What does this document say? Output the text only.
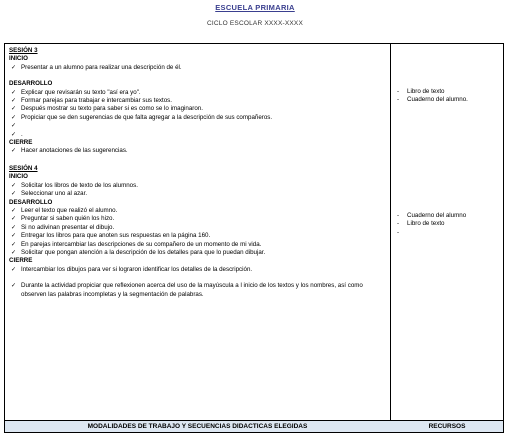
ESCUELA PRIMARIA
CICLO ESCOLAR XXXX-XXXX
SESIÓN 3
INICIO
✓ Presentar a un alumno para realizar una descripción de él.
DESARROLLO
✓ Explicar que revisarán su texto "así era yo".
✓ Formar parejas para trabajar e intercambiar sus textos.
✓ Después mostrar su texto para saber si es como se lo imaginaron.
✓ Propiciar que se den sugerencias de que falta agregar a la descripción de sus compañeros.
✓

✓ .
CIERRE
✓ Hacer anotaciones de las sugerencias.
SESIÓN 4
INICIO
✓ Solicitar los libros de texto de los alumnos.
✓ Seleccionar uno al azar.
DESARROLLO
✓ Leer el texto que realizó el alumno.
✓ Preguntar si saben quién los hizo.
✓ Si no adivinan presentar el dibujo.
✓ Entregar los libros para que anoten sus respuestas en la página 160.
✓ En parejas intercambiar las descripciones de su compañero de un momento de mi vida.
✓ Solicitar que pongan atención a la descripción de los detalles para que lo puedan dibujar.
CIERRE
✓ Intercambiar los dibujos para ver si lograron identificar los detalles de la descripción.
✓ Durante la actividad propiciar que reflexionen acerca del uso de la mayúscula a l inicio de los textos y los nombres, así como observen las palabras incompletas y la segmentación de palabras.
- Libro de texto
- Cuaderno del alumno.
- Cuaderno del alumno
- Libro de texto
-
MODALIDADES DE TRABAJO Y SECUENCIAS DIDACTICAS ELEGIDAS	RECURSOS
